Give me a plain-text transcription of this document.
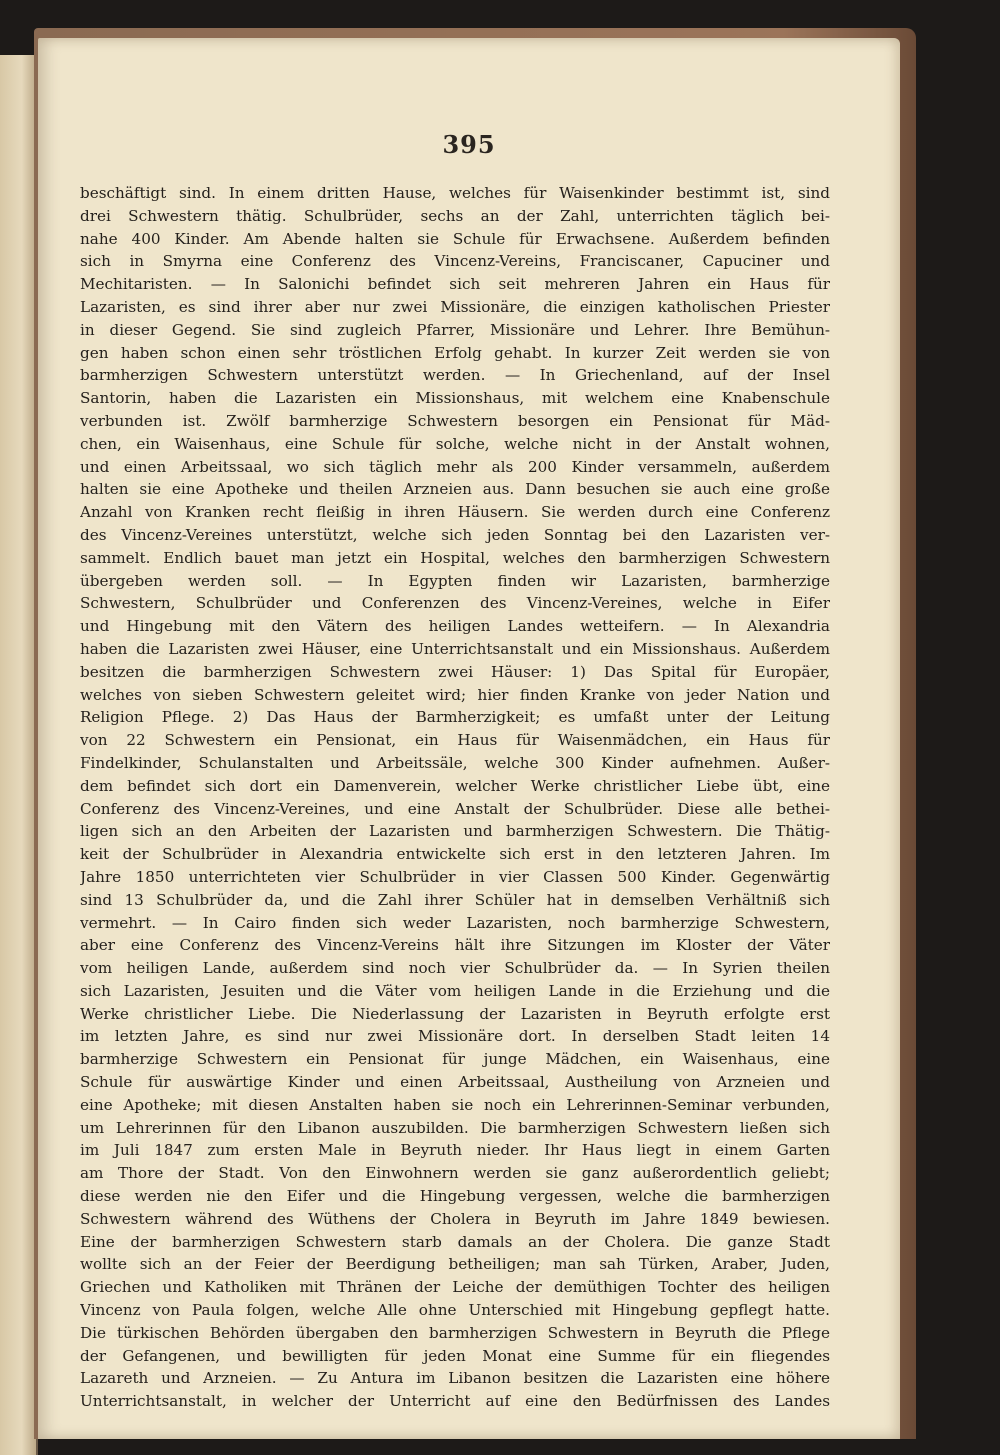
395
beschäftigt sind. In einem dritten Hause, welches für Waisenkinder bestimmt ist, sind
drei Schwestern thätig. Schulbrüder, sechs an der Zahl, unterrichten täglich bei-
nahe 400 Kinder. Am Abende halten sie Schule für Erwachsene. Außerdem befinden
sich in Smyrna eine Conferenz des Vincenz-Vereins, Franciscaner, Capuciner und
Mechitaristen. — In Salonichi befindet sich seit mehreren Jahren ein Haus für
Lazaristen, es sind ihrer aber nur zwei Missionäre, die einzigen katholischen Priester
in dieser Gegend. Sie sind zugleich Pfarrer, Missionäre und Lehrer. Ihre Bemühun-
gen haben schon einen sehr tröstlichen Erfolg gehabt. In kurzer Zeit werden sie von
barmherzigen Schwestern unterstützt werden. — In Griechenland, auf der Insel
Santorin, haben die Lazaristen ein Missionshaus, mit welchem eine Knabenschule
verbunden ist. Zwölf barmherzige Schwestern besorgen ein Pensionat für Mäd-
chen, ein Waisenhaus, eine Schule für solche, welche nicht in der Anstalt wohnen,
und einen Arbeitssaal, wo sich täglich mehr als 200 Kinder versammeln, außerdem
halten sie eine Apotheke und theilen Arzneien aus. Dann besuchen sie auch eine große
Anzahl von Kranken recht fleißig in ihren Häusern. Sie werden durch eine Conferenz
des Vincenz-Vereines unterstützt, welche sich jeden Sonntag bei den Lazaristen ver-
sammelt. Endlich bauet man jetzt ein Hospital, welches den barmherzigen Schwestern
übergeben werden soll. — In Egypten finden wir Lazaristen, barmherzige
Schwestern, Schulbrüder und Conferenzen des Vincenz-Vereines, welche in Eifer
und Hingebung mit den Vätern des heiligen Landes wetteifern. — In Alexandria
haben die Lazaristen zwei Häuser, eine Unterrichtsanstalt und ein Missionshaus. Außerdem
besitzen die barmherzigen Schwestern zwei Häuser: 1) Das Spital für Europäer,
welches von sieben Schwestern geleitet wird; hier finden Kranke von jeder Nation und
Religion Pflege. 2) Das Haus der Barmherzigkeit; es umfaßt unter der Leitung
von 22 Schwestern ein Pensionat, ein Haus für Waisenmädchen, ein Haus für
Findelkinder, Schulanstalten und Arbeitssäle, welche 300 Kinder aufnehmen. Außer-
dem befindet sich dort ein Damenverein, welcher Werke christlicher Liebe übt, eine
Conferenz des Vincenz-Vereines, und eine Anstalt der Schulbrüder. Diese alle bethei-
ligen sich an den Arbeiten der Lazaristen und barmherzigen Schwestern. Die Thätig-
keit der Schulbrüder in Alexandria entwickelte sich erst in den letzteren Jahren. Im
Jahre 1850 unterrichteten vier Schulbrüder in vier Classen 500 Kinder. Gegenwärtig
sind 13 Schulbrüder da, und die Zahl ihrer Schüler hat in demselben Verhältniß sich
vermehrt. — In Cairo finden sich weder Lazaristen, noch barmherzige Schwestern,
aber eine Conferenz des Vincenz-Vereins hält ihre Sitzungen im Kloster der Väter
vom heiligen Lande, außerdem sind noch vier Schulbrüder da. — In Syrien theilen
sich Lazaristen, Jesuiten und die Väter vom heiligen Lande in die Erziehung und die
Werke christlicher Liebe. Die Niederlassung der Lazaristen in Beyruth erfolgte erst
im letzten Jahre, es sind nur zwei Missionäre dort. In derselben Stadt leiten 14
barmherzige Schwestern ein Pensionat für junge Mädchen, ein Waisenhaus, eine
Schule für auswärtige Kinder und einen Arbeitssaal, Austheilung von Arzneien und
eine Apotheke; mit diesen Anstalten haben sie noch ein Lehrerinnen-Seminar verbunden,
um Lehrerinnen für den Libanon auszubilden. Die barmherzigen Schwestern ließen sich
im Juli 1847 zum ersten Male in Beyruth nieder. Ihr Haus liegt in einem Garten
am Thore der Stadt. Von den Einwohnern werden sie ganz außerordentlich geliebt;
diese werden nie den Eifer und die Hingebung vergessen, welche die barmherzigen
Schwestern während des Wüthens der Cholera in Beyruth im Jahre 1849 bewiesen.
Eine der barmherzigen Schwestern starb damals an der Cholera. Die ganze Stadt
wollte sich an der Feier der Beerdigung betheiligen; man sah Türken, Araber, Juden,
Griechen und Katholiken mit Thränen der Leiche der demüthigen Tochter des heiligen
Vincenz von Paula folgen, welche Alle ohne Unterschied mit Hingebung gepflegt hatte.
Die türkischen Behörden übergaben den barmherzigen Schwestern in Beyruth die Pflege
der Gefangenen, und bewilligten für jeden Monat eine Summe für ein fliegendes
Lazareth und Arzneien. — Zu Antura im Libanon besitzen die Lazaristen eine höhere
Unterrichtsanstalt, in welcher der Unterricht auf eine den Bedürfnissen des Landes
